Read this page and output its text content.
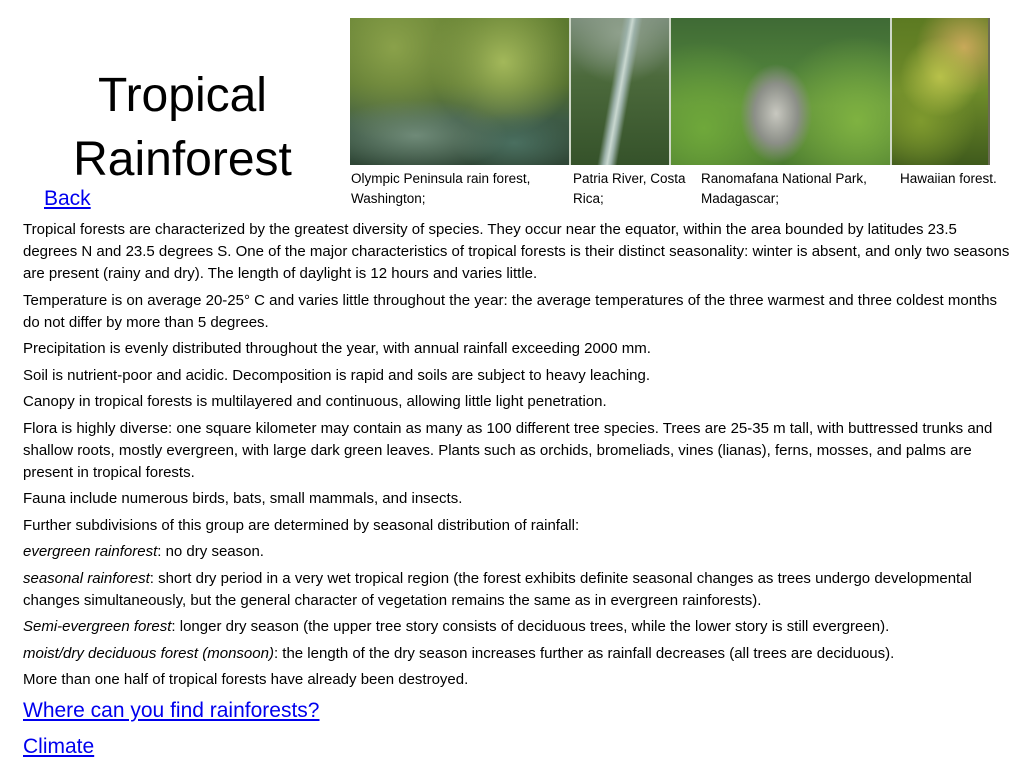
Tropical
Rainforest
Back
Olympic Peninsula rain forest, Washington;
Patria River, Costa Rica;
Ranomafana National Park, Madagascar;
Hawaiian forest.

Tropical forests are characterized by the greatest diversity of species. They occur near the equator, within the area bounded by latitudes 23.5 degrees N and 23.5 degrees S. One of the major characteristics of tropical forests is their distinct seasonality: winter is absent, and only two seasons are present (rainy and dry). The length of daylight is 12 hours and varies little.

Temperature is on average 20-25° C and varies little throughout the year: the average temperatures of the three warmest and three coldest months do not differ by more than 5 degrees.

Precipitation is evenly distributed throughout the year, with annual rainfall exceeding 2000 mm.

Soil is nutrient-poor and acidic. Decomposition is rapid and soils are subject to heavy leaching.

Canopy in tropical forests is multilayered and continuous, allowing little light penetration.

Flora is highly diverse: one square kilometer may contain as many as 100 different tree species. Trees are 25-35 m tall, with buttressed trunks and shallow roots, mostly evergreen, with large dark green leaves. Plants such as orchids, bromeliads, vines (lianas), ferns, mosses, and palms are present in tropical forests.

Fauna include numerous birds, bats, small mammals, and insects.

Further subdivisions of this group are determined by seasonal distribution of rainfall:

evergreen rainforest: no dry season.

seasonal rainforest: short dry period in a very wet tropical region (the forest exhibits definite seasonal changes as trees undergo developmental changes simultaneously, but the general character of vegetation remains the same as in evergreen rainforests).

Semi-evergreen forest: longer dry season (the upper tree story consists of deciduous trees, while the lower story is still evergreen).

moist/dry deciduous forest (monsoon): the length of the dry season increases further as rainfall decreases (all trees are deciduous).

More than one half of tropical forests have already been destroyed.

Where can you find rainforests?
Climate
